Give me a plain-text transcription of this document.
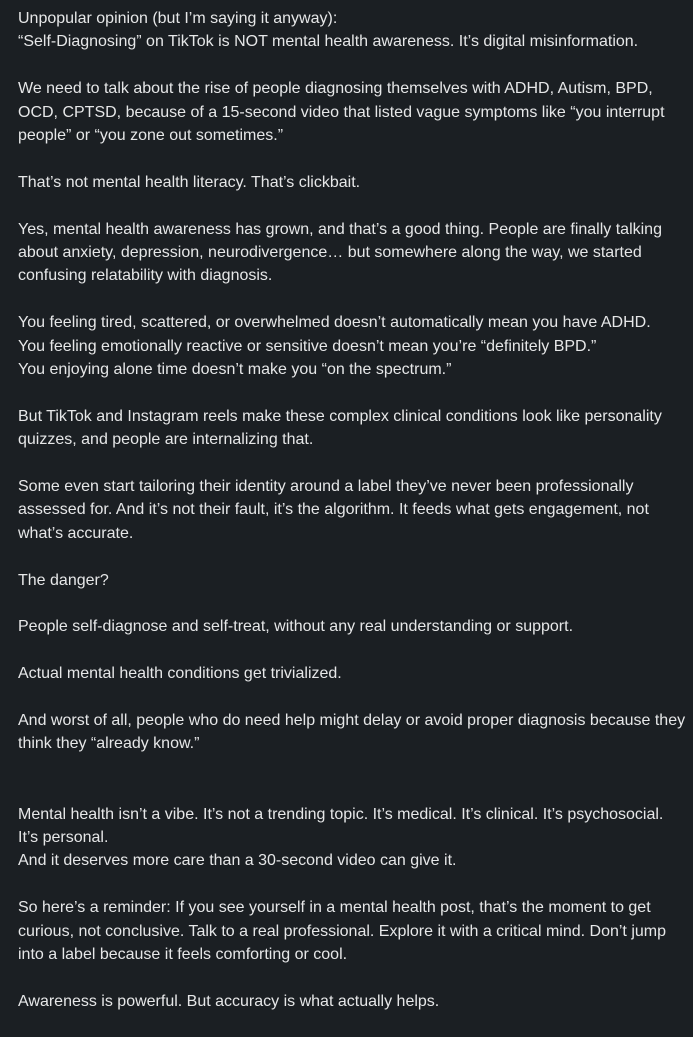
Unpopular opinion (but I’m saying it anyway):
“Self-Diagnosing” on TikTok is NOT mental health awareness. It’s digital misinformation.
We need to talk about the rise of people diagnosing themselves with ADHD, Autism, BPD, OCD, CPTSD, because of a 15-second video that listed vague symptoms like “you interrupt people” or “you zone out sometimes.”
That’s not mental health literacy. That’s clickbait.
Yes, mental health awareness has grown, and that’s a good thing. People are finally talking about anxiety, depression, neurodivergence… but somewhere along the way, we started confusing relatability with diagnosis.
You feeling tired, scattered, or overwhelmed doesn’t automatically mean you have ADHD.
You feeling emotionally reactive or sensitive doesn’t mean you’re “definitely BPD.”
You enjoying alone time doesn’t make you “on the spectrum.”
But TikTok and Instagram reels make these complex clinical conditions look like personality quizzes, and people are internalizing that.
Some even start tailoring their identity around a label they’ve never been professionally assessed for. And it’s not their fault, it’s the algorithm. It feeds what gets engagement, not what’s accurate.
The danger?
People self-diagnose and self-treat, without any real understanding or support.
Actual mental health conditions get trivialized.
And worst of all, people who do need help might delay or avoid proper diagnosis because they think they “already know.”
Mental health isn’t a vibe. It’s not a trending topic. It’s medical. It’s clinical. It’s psychosocial. It’s personal.
And it deserves more care than a 30-second video can give it.
So here’s a reminder: If you see yourself in a mental health post, that’s the moment to get curious, not conclusive. Talk to a real professional. Explore it with a critical mind. Don’t jump into a label because it feels comforting or cool.
Awareness is powerful. But accuracy is what actually helps.
